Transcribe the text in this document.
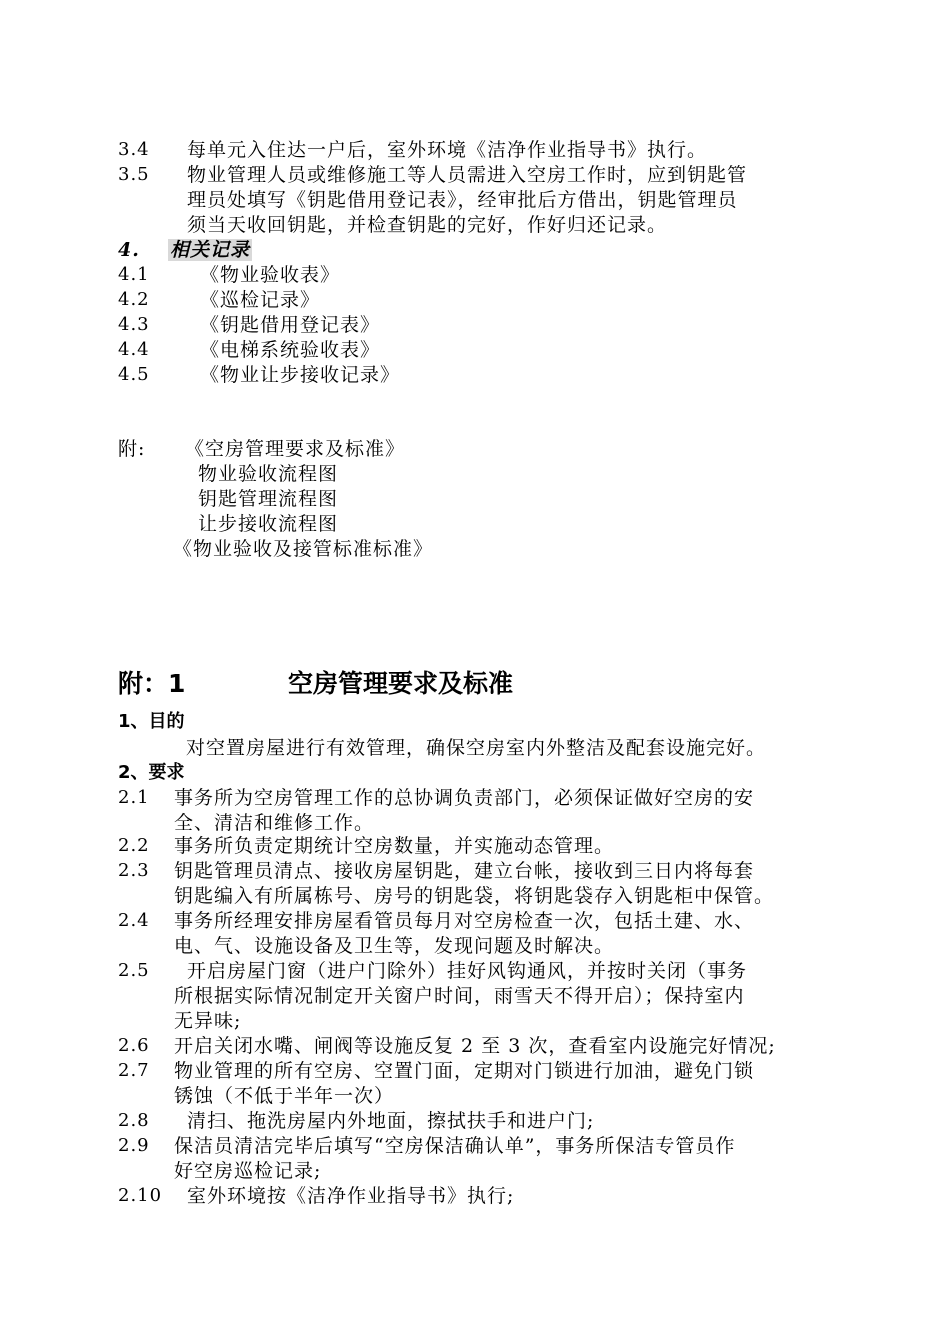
3.4 每单元入住达一户后，室外环境《洁净作业指导书》执行。
3.5 物业管理人员或维修施工等人员需进入空房工作时，应到钥匙管
理员处填写《钥匙借用登记表》，经审批后方借出，钥匙管理员
须当天收回钥匙，并检查钥匙的完好，作好归还记录。
4. 相关记录
4.1	《物业验收表》
4.2	《巡检记录》
4.3	《钥匙借用登记表》
4.4	《电梯系统验收表》
4.5	《物业让步接收记录》
附: 《空房管理要求及标准》
物业验收流程图
钥匙管理流程图
让步接收流程图
《物业验收及接管标准标准》
附：1	空房管理要求及标准
1、目的
对空置房屋进行有效管理，确保空房室内外整洁及配套设施完好。
2、要求
2.1 事务所为空房管理工作的总协调负责部门，必须保证做好空房的安
全、清洁和维修工作。
2.2 事务所负责定期统计空房数量，并实施动态管理。
2.3 钥匙管理员清点、接收房屋钥匙，建立台帐，接收到三日内将每套
钥匙编入有所属栋号、房号的钥匙袋，将钥匙袋存入钥匙柜中保管。
2.4 事务所经理安排房屋看管员每月对空房检查一次，包括土建、水、
电、气、设施设备及卫生等，发现问题及时解决。
2.5 开启房屋门窗（进户门除外）挂好风钩通风，并按时关闭（事务
所根据实际情况制定开关窗户时间，雨雪天不得开启）；保持室内
无异味;
2.6 开启关闭水嘴、闸阀等设施反复 2 至 3 次，查看室内设施完好情况;
2.7 物业管理的所有空房、空置门面，定期对门锁进行加油，避免门锁
锈蚀（不低于半年一次）
2.8 清扫、拖洗房屋内外地面，擦拭扶手和进户门;
2.9 保洁员清洁完毕后填写“空房保洁确认单”，事务所保洁专管员作
好空房巡检记录;
2.10 室外环境按《洁净作业指导书》执行;
